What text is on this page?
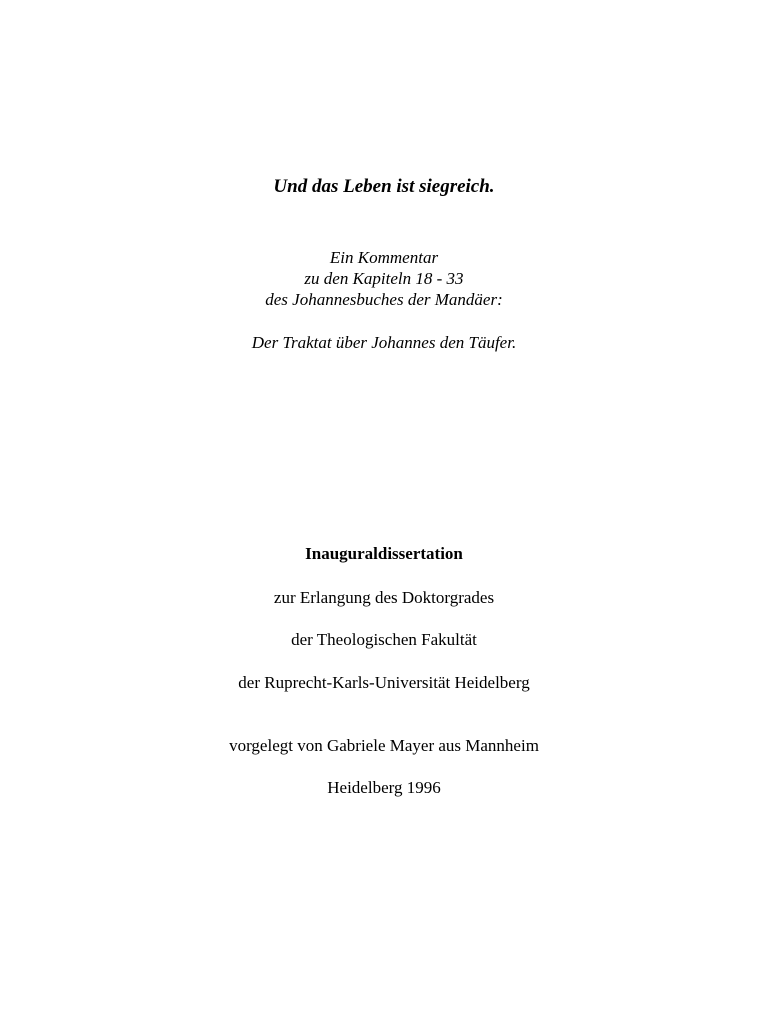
Und das Leben ist siegreich.
Ein Kommentar
zu den Kapiteln 18 - 33
des Johannesbuches der Mandäer:
Der Traktat über Johannes den Täufer.
Inauguraldissertation
zur Erlangung des Doktorgrades
der Theologischen Fakultät
der Ruprecht-Karls-Universität Heidelberg
vorgelegt von Gabriele Mayer aus Mannheim
Heidelberg 1996
